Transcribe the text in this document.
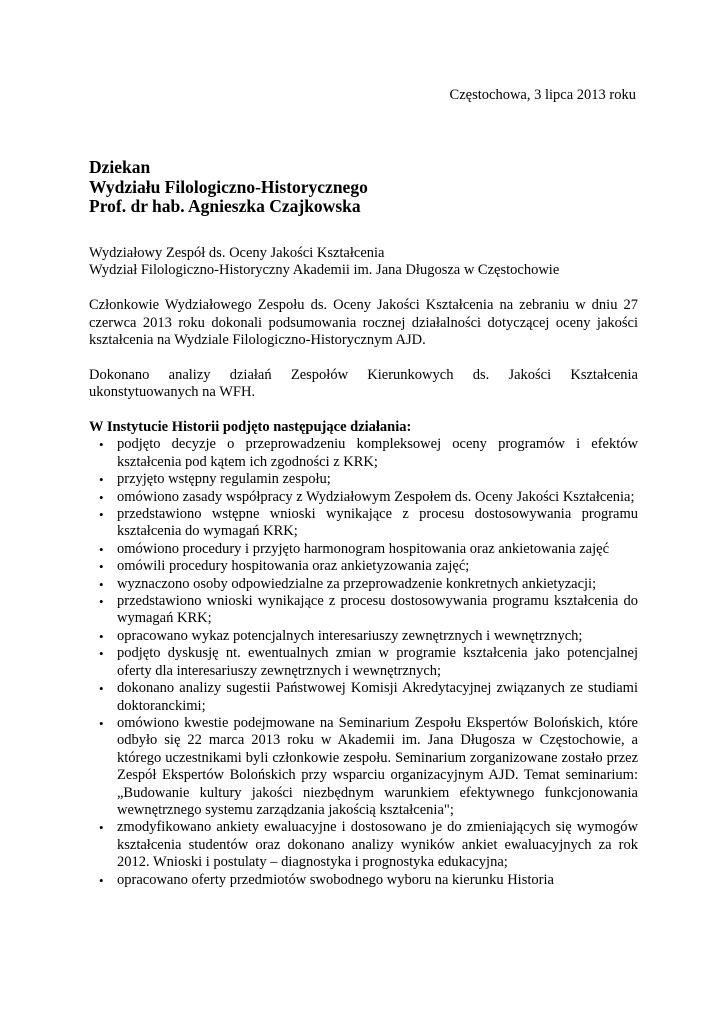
Częstochowa, 3 lipca 2013 roku
Dziekan
Wydziału Filologiczno-Historycznego
Prof. dr hab. Agnieszka Czajkowska
Wydziałowy Zespół ds. Oceny Jakości Kształcenia
Wydział Filologiczno-Historyczny Akademii im. Jana Długosza w Częstochowie

Członkowie Wydziałowego Zespołu ds. Oceny Jakości Kształcenia na zebraniu w dniu 27 czerwca 2013 roku dokonali podsumowania rocznej działalności dotyczącej oceny jakości kształcenia na Wydziale Filologiczno-Historycznym AJD.

Dokonano analizy działań Zespołów Kierunkowych ds. Jakości Kształcenia ukonstytuowanych na WFH.

W Instytucie Historii podjęto następujące działania:

• podjęto decyzje o przeprowadzeniu kompleksowej oceny programów i efektów kształcenia pod kątem ich zgodności z KRK;
• przyjęto wstępny regulamin zespołu;
• omówiono zasady współpracy z Wydziałowym Zespołem ds. Oceny Jakości Kształcenia;
• przedstawiono wstępne wnioski wynikające z procesu dostosowywania programu kształcenia do wymagań KRK;
• omówiono procedury i przyjęto harmonogram hospitowania oraz ankietowania zajęć
• omówili procedury hospitowania oraz ankietyzowania zajęć;
• wyznaczono osoby odpowiedzialne za przeprowadzenie konkretnych ankietyzacji;
• przedstawiono wnioski wynikające z procesu dostosowywania programu kształcenia do wymagań KRK;
• opracowano wykaz potencjalnych interesariuszy zewnętrznych i wewnętrznych;
• podjęto dyskusję nt. ewentualnych zmian w programie kształcenia jako potencjalnej oferty dla interesariuszy zewnętrznych i wewnętrznych;
• dokonano analizy sugestii Państwowej Komisji Akredytacyjnej związanych ze studiami doktoranckimi;
• omówiono kwestie podejmowane na Seminarium Zespołu Ekspertów Bolońskich, które odbyło się 22 marca 2013 roku w Akademii im. Jana Długosza w Częstochowie, a którego uczestnikami byli członkowie zespołu. Seminarium zorganizowane zostało przez Zespół Ekspertów Bolońskich przy wsparciu organizacyjnym AJD. Temat seminarium: „Budowanie kultury jakości niezbędnym warunkiem efektywnego funkcjonowania wewnętrznego systemu zarządzania jakością kształcenia";
• zmodyfikowano ankiety ewaluacyjne i dostosowano je do zmieniających się wymogów kształcenia studentów oraz dokonano analizy wyników ankiet ewaluacyjnych za rok 2012. Wnioski i postulaty – diagnostyka i prognostyka edukacyjna;
• opracowano oferty przedmiotów swobodnego wyboru na kierunku Historia
